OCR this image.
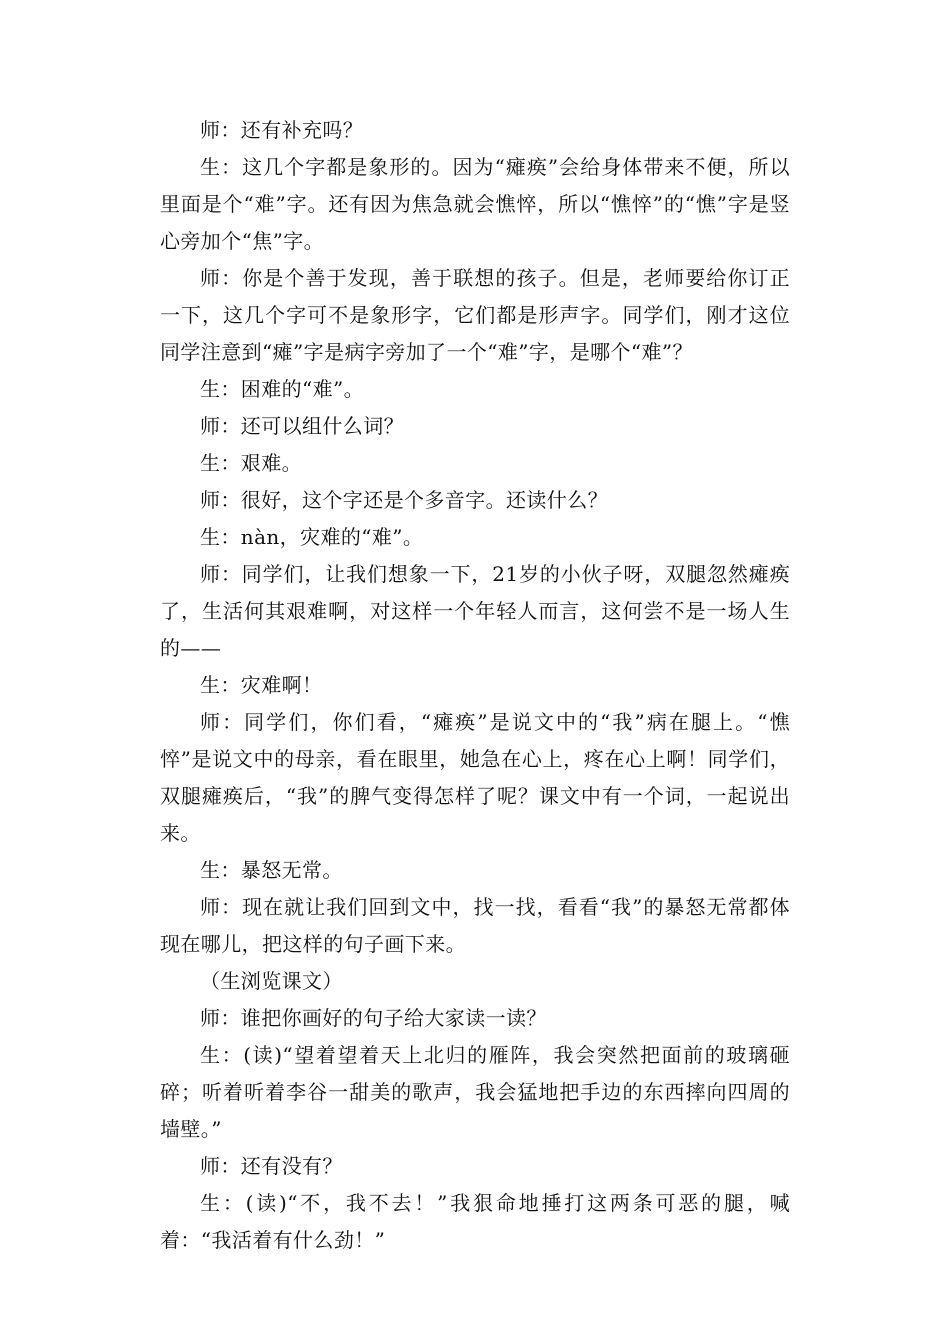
师：还有补充吗？

生：这几个字都是象形的。因为“瘫痪”会给身体带来不便，所以里面是个“难”字。还有因为焦急就会憔悴，所以“憔悴”的“憔”字是竖心旁加个“焦”字。

师：你是个善于发现，善于联想的孩子。但是，老师要给你订正一下，这几个字可不是象形字，它们都是形声字。同学们，刚才这位同学注意到“瘫”字是病字旁加了一个“难”字，是哪个“难”？

生：困难的“难”。

师：还可以组什么词？

生：艰难。

师：很好，这个字还是个多音字。还读什么？

生：nàn，灾难的“难”。

师：同学们，让我们想象一下，21岁的小伙子呀，双腿忽然瘫痪了，生活何其艰难啊，对这样一个年轻人而言，这何尝不是一场人生的——

生：灾难啊！

师：同学们，你们看，“瘫痪”是说文中的“我”病在腿上。“憔悴”是说文中的母亲，看在眼里，她急在心上，疼在心上啊！同学们，双腿瘫痪后，“我”的脾气变得怎样了呢？课文中有一个词，一起说出来。

生：暴怒无常。

师：现在就让我们回到文中，找一找，看看“我”的暴怒无常都体现在哪儿，把这样的句子画下来。

（生浏览课文）

师：谁把你画好的句子给大家读一读？

生：(读)“望着望着天上北归的雁阵，我会突然把面前的玻璃砸碎；听着听着李谷一甜美的歌声，我会猛地把手边的东西摔向四周的墙壁。”

师：还有没有？

生：(读)“不，我不去！”我狠命地捶打这两条可恶的腿，喊着：“我活着有什么劲！”
